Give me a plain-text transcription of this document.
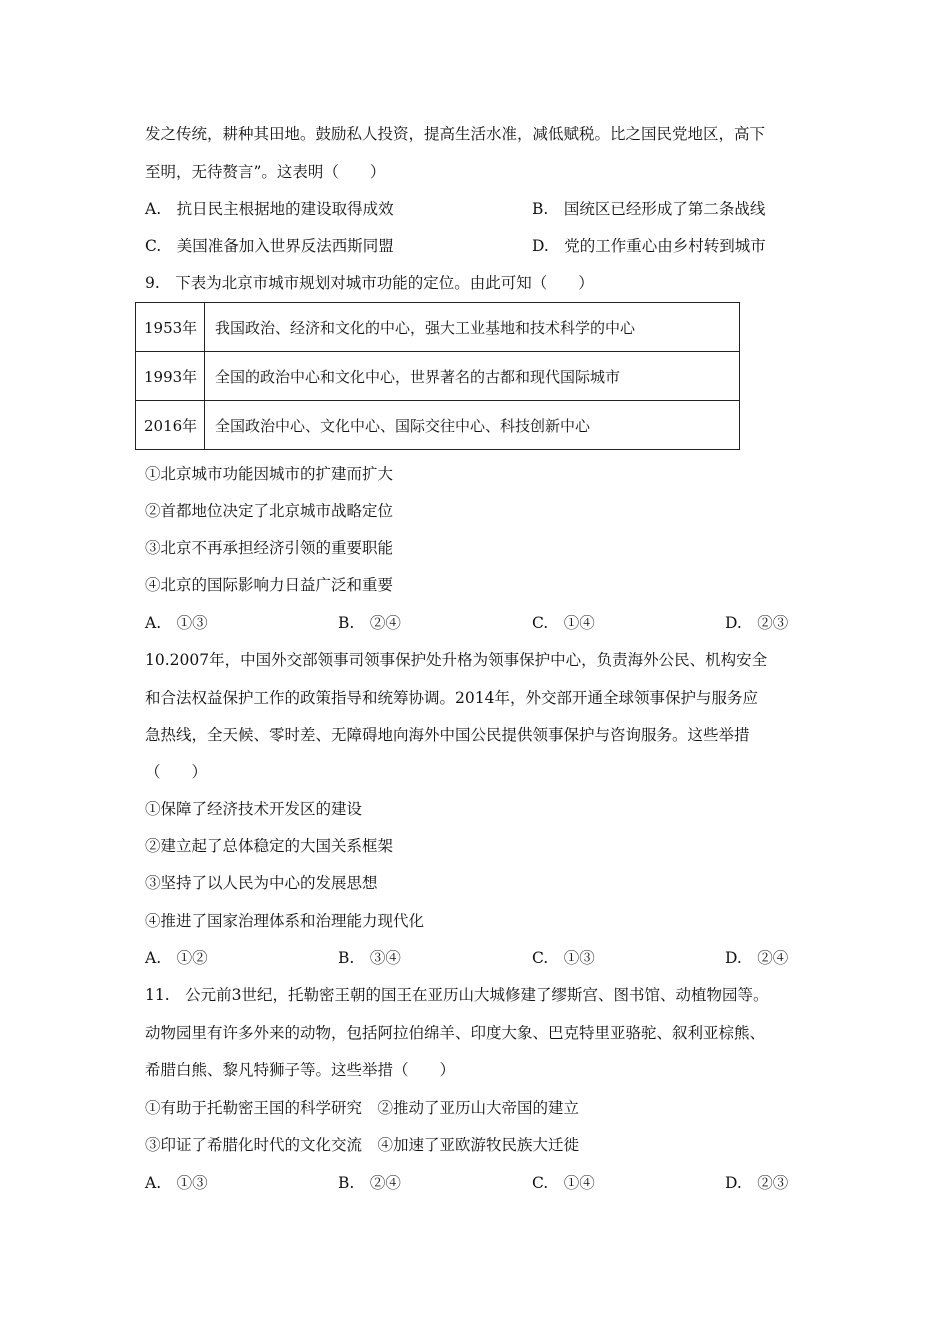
发之传统，耕种其田地。鼓励私人投资，提高生活水准，减低赋税。比之国民党地区，高下
至明，无待赘言”。这表明（　　）
A.　抗日民主根据地的建设取得成效	B.　国统区已经形成了第二条战线
C.　美国准备加入世界反法西斯同盟	D.　党的工作重心由乡村转到城市
9.　下表为北京市城市规划对城市功能的定位。由此可知（　　）
1953年	我国政治、经济和文化的中心，强大工业基地和技术科学的中心
1993年	全国的政治中心和文化中心，世界著名的古都和现代国际城市
2016年	全国政治中心、文化中心、国际交往中心、科技创新中心
①北京城市功能因城市的扩建而扩大
②首都地位决定了北京城市战略定位
③北京不再承担经济引领的重要职能
④北京的国际影响力日益广泛和重要
A.　①③	B.　②④	C.　①④	D.　②③
10.2007年，中国外交部领事司领事保护处升格为领事保护中心，负责海外公民、机构安全
和合法权益保护工作的政策指导和统筹协调。2014年，外交部开通全球领事保护与服务应
急热线，全天候、零时差、无障碍地向海外中国公民提供领事保护与咨询服务。这些举措
（　　）
①保障了经济技术开发区的建设
②建立起了总体稳定的大国关系框架
③坚持了以人民为中心的发展思想
④推进了国家治理体系和治理能力现代化
A.　①②	B.　③④	C.　①③	D.　②④
11.　公元前3世纪，托勒密王朝的国王在亚历山大城修建了缪斯宫、图书馆、动植物园等。
动物园里有许多外来的动物，包括阿拉伯绵羊、印度大象、巴克特里亚骆驼、叙利亚棕熊、
希腊白熊、黎凡特狮子等。这些举措（　　）
①有助于托勒密王国的科学研究　②推动了亚历山大帝国的建立
③印证了希腊化时代的文化交流　④加速了亚欧游牧民族大迁徙
A.　①③	B.　②④	C.　①④	D.　②③
